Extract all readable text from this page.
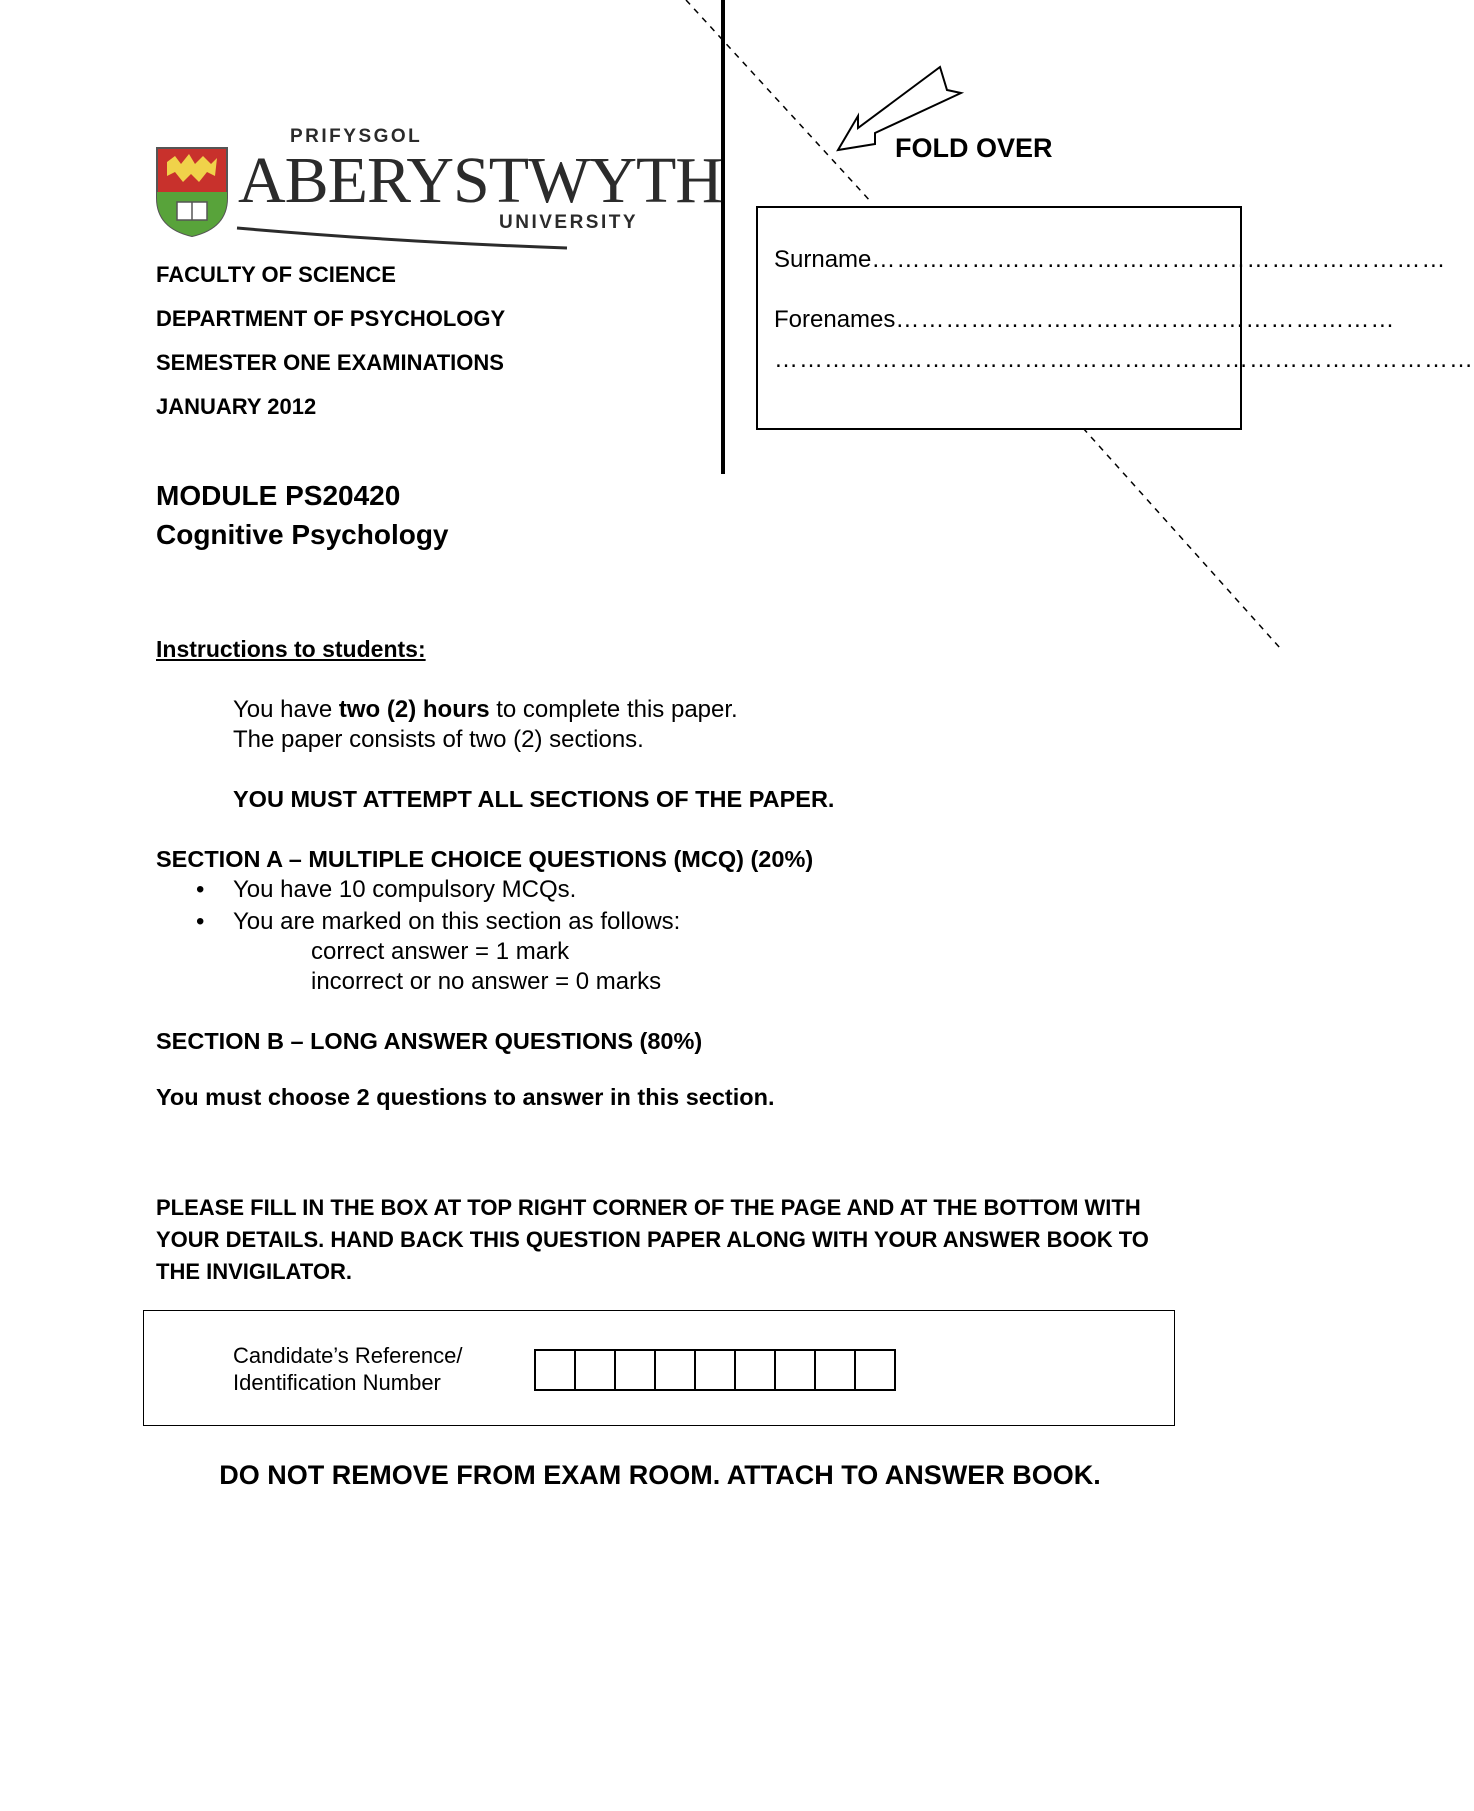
PRIFYSGOL
ABERYSTWYTH
UNIVERSITY
FOLD OVER
Surname……………………………………………………………
Forenames……………………………………………………
…………………………………………………………………………
FACULTY OF SCIENCE
DEPARTMENT OF PSYCHOLOGY
SEMESTER ONE EXAMINATIONS
JANUARY 2012
MODULE PS20420
Cognitive Psychology
Instructions to students:
You have two (2) hours to complete this paper.
The paper consists of two (2) sections.
YOU MUST ATTEMPT ALL SECTIONS OF THE PAPER.
SECTION A – MULTIPLE CHOICE QUESTIONS (MCQ) (20%)
• You have 10 compulsory MCQs.
• You are marked on this section as follows:
correct answer = 1 mark
incorrect or no answer = 0 marks
SECTION B – LONG ANSWER QUESTIONS (80%)
You must choose 2 questions to answer in this section.
PLEASE FILL IN THE BOX AT TOP RIGHT CORNER OF THE PAGE AND AT THE BOTTOM WITH YOUR DETAILS. HAND BACK THIS QUESTION PAPER ALONG WITH YOUR ANSWER BOOK TO THE INVIGILATOR.
Candidate’s Reference/
Identification Number
DO NOT REMOVE FROM EXAM ROOM. ATTACH TO ANSWER BOOK.
